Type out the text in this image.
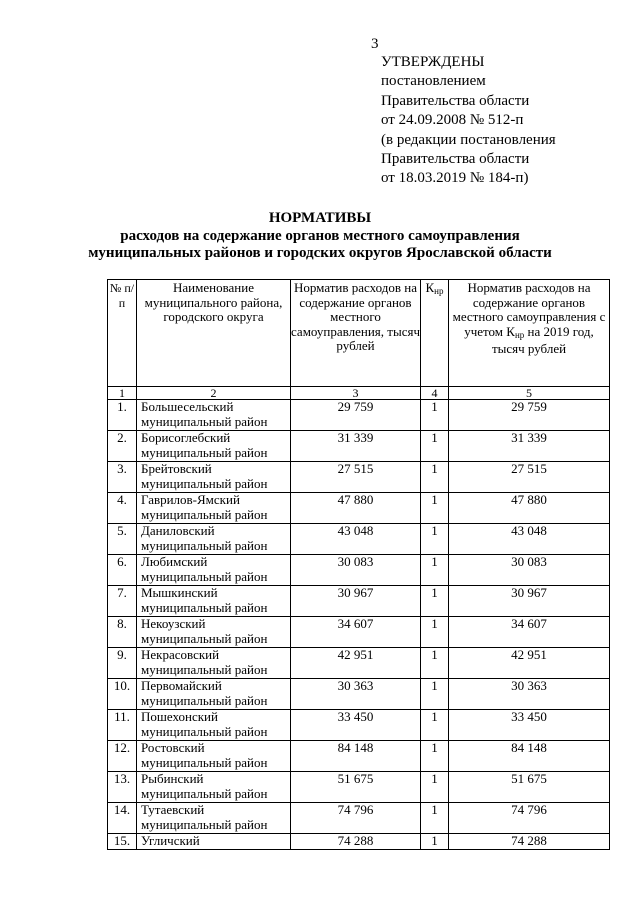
3
УТВЕРЖДЕНЫ
постановлением
Правительства области
от 24.09.2008 № 512-п
(в редакции постановления
Правительства области
от 18.03.2019 № 184-п)
НОРМАТИВЫ
расходов на содержание органов местного самоуправления
муниципальных районов и городских округов Ярославской области
№ п/п	Наименование муниципального района, городского округа	Норматив расходов на содержание органов местного самоуправления, тысяч рублей	$К_{нр}$	Норматив расходов на содержание органов местного самоуправления с учетом $К_{нр}$ на 2019 год, тысяч рублей
1	2	3	4	5
1.	Большесельский муниципальный район	29 759	1	29 759
2.	Борисоглебский муниципальный район	31 339	1	31 339
3.	Брейтовский муниципальный район	27 515	1	27 515
4.	Гаврилов-Ямский муниципальный район	47 880	1	47 880
5.	Даниловский муниципальный район	43 048	1	43 048
6.	Любимский муниципальный район	30 083	1	30 083
7.	Мышкинский муниципальный район	30 967	1	30 967
8.	Некоузский муниципальный район	34 607	1	34 607
9.	Некрасовский муниципальный район	42 951	1	42 951
10.	Первомайский муниципальный район	30 363	1	30 363
11.	Пошехонский муниципальный район	33 450	1	33 450
12.	Ростовский муниципальный район	84 148	1	84 148
13.	Рыбинский муниципальный район	51 675	1	51 675
14.	Тутаевский муниципальный район	74 796	1	74 796
15.	Угличский	74 288	1	74 288
